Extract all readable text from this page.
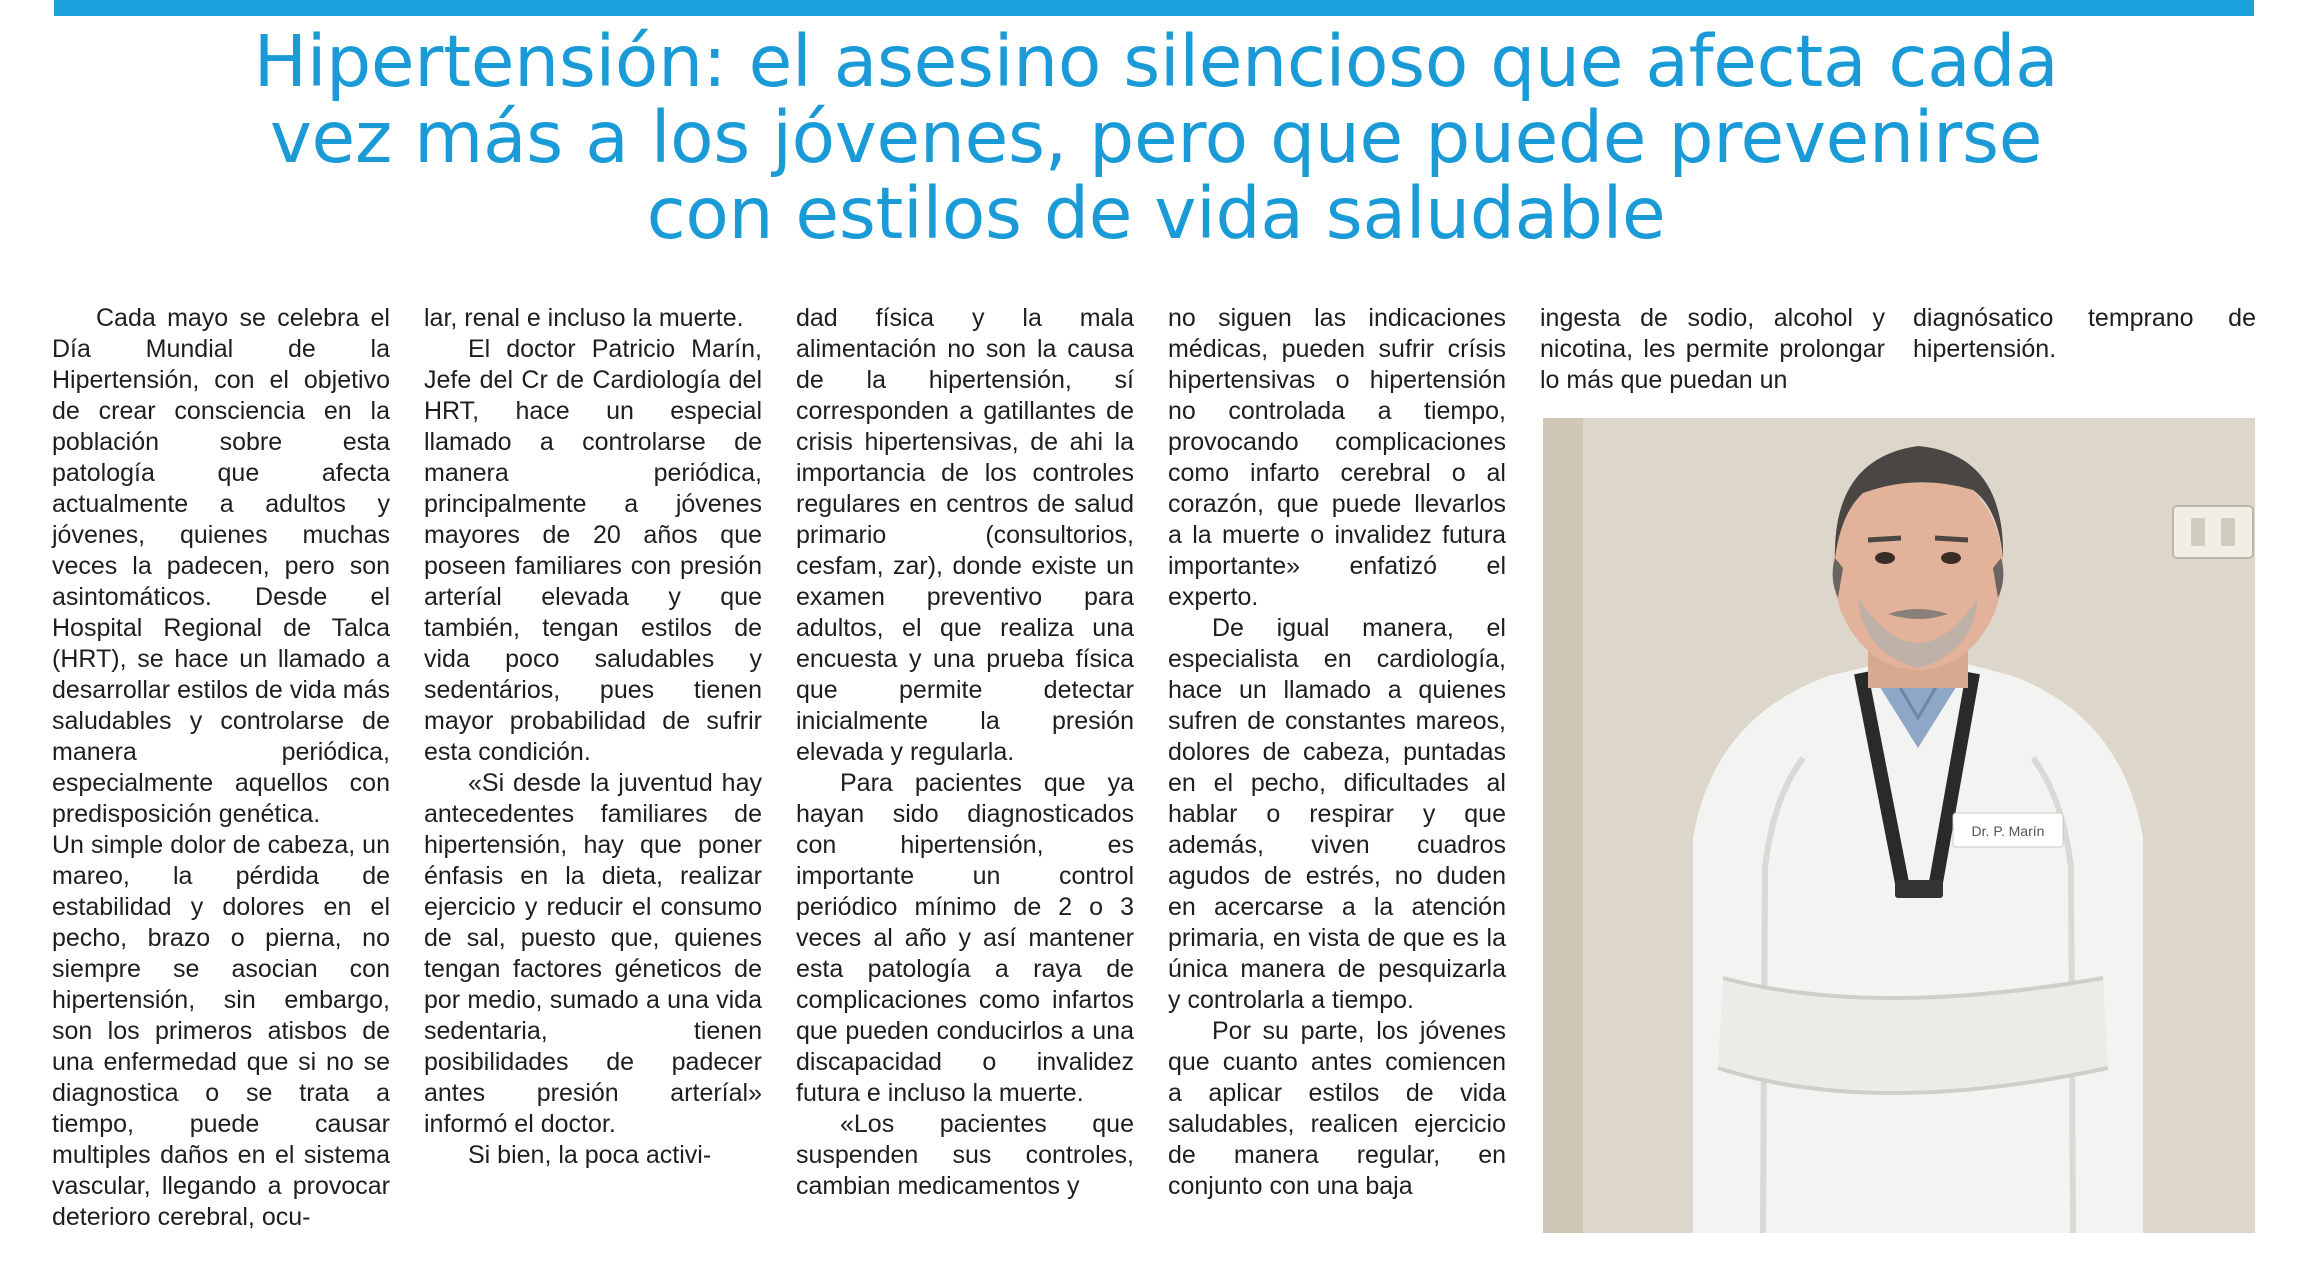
Hipertensión: el asesino silencioso que afecta cada
vez más a los jóvenes, pero que puede prevenirse
con estilos de vida saludable

Cada mayo se celebra el Día Mundial de la Hipertensión, con el objetivo de crear consciencia en la población sobre esta patología que afecta actualmente a adultos y jóvenes, quienes muchas veces la padecen, pero son asintomáticos. Desde el Hospital Regional de Talca (HRT), se hace un llamado a desarrollar estilos de vida más saludables y controlarse de manera periódica, especialmente aquellos con predisposición genética.

Un simple dolor de cabeza, un mareo, la pérdida de estabilidad y dolores en el pecho, brazo o pierna, no siempre se asocian con hipertensión, sin embargo, son los primeros atisbos de una enfermedad que si no se diagnostica o se trata a tiempo, puede causar multiples daños en el sistema vascular, llegando a provocar deterioro cerebral, ocu-

lar, renal e incluso la muerte.

El doctor Patricio Marín, Jefe del Cr de Cardiología del HRT, hace un especial llamado a controlarse de manera periódica, principalmente a jóvenes mayores de 20 años que poseen familiares con presión arteríal elevada y que también, tengan estilos de vida poco saludables y sedentários, pues tienen mayor probabilidad de sufrir esta condición.

«Si desde la juventud hay antecedentes familiares de hipertensión, hay que poner énfasis en la dieta, realizar ejercicio y reducir el consumo de sal, puesto que, quienes tengan factores géneticos de por medio, sumado a una vida sedentaria, tienen posibilidades de padecer antes presión arteríal» informó el doctor.

Si bien, la poca activi-

dad física y la mala alimentación no son la causa de la hipertensión, sí corresponden a gatillantes de crisis hipertensivas, de ahi la importancia de los controles regulares en centros de salud primario (consultorios, cesfam, zar), donde existe un examen preventivo para adultos, el que realiza una encuesta y una prueba física que permite detectar inicialmente la presión elevada y regularla.

Para pacientes que ya hayan sido diagnosticados con hipertensión, es importante un control periódico mínimo de 2 o 3 veces al año y así mantener esta patología a raya de complicaciones como infartos que pueden conducirlos a una discapacidad o invalidez futura e incluso la muerte.

«Los pacientes que suspenden sus controles, cambian medicamentos y

no siguen las indicaciones médicas, pueden sufrir crísis hipertensivas o hipertensión no controlada a tiempo, provocando complicaciones como infarto cerebral o al corazón, que puede llevarlos a la muerte o invalidez futura importante» enfatizó el experto.

De igual manera, el especialista en cardiología, hace un llamado a quienes sufren de constantes mareos, dolores de cabeza, puntadas en el pecho, dificultades al hablar o respirar y que además, viven cuadros agudos de estrés, no duden en acercarse a la atención primaria, en vista de que es la única manera de pesquizarla y controlarla a tiempo.

Por su parte, los jóvenes que cuanto antes comiencen a aplicar estilos de vida saludables, realicen ejercicio de manera regular, en conjunto con una baja

ingesta de sodio, alcohol y nicotina, les permite prolongar lo más que puedan un

diagnósatico temprano de hipertensión.

Dr. P. Marín
